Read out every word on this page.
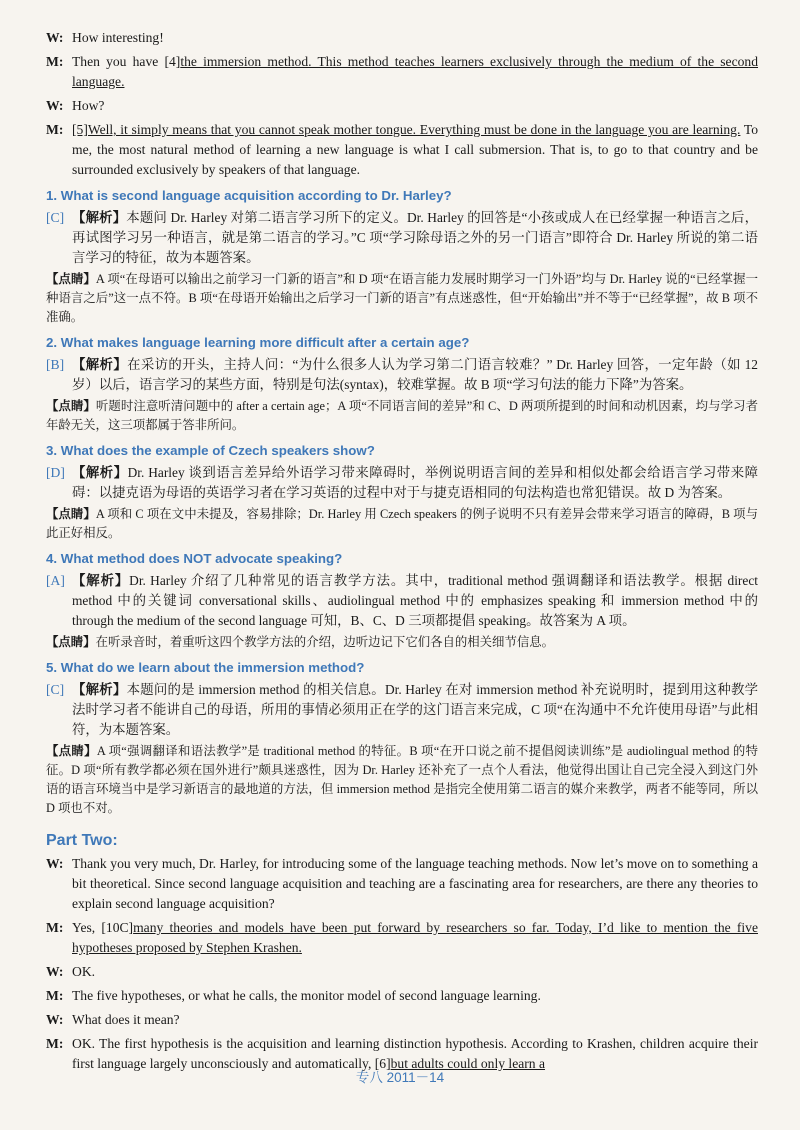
W: How interesting!
M: Then you have [4]the immersion method. This method teaches learners exclusively through the medium of the second language.
W: How?
M: [5]Well, it simply means that you cannot speak mother tongue. Everything must be done in the language you are learning. To me, the most natural method of learning a new language is what I call submersion. That is, to go to that country and be surrounded exclusively by speakers of that language.
1. What is second language acquisition according to Dr. Harley?
[C] 【解析】本题问 Dr. Harley 对第二语言学习所下的定义。Dr. Harley 的回答是“小孩或成人在已经掌握一种语言之后，再试图学习另一种语言，就是第二语言的学习。”C 项“学习除母语之外的另一门语言”即符合 Dr. Harley 所说的第二语言学习的特征，故为本题答案。
【点睛】A 项“在母语可以输出之前学习一门新的语言”和 D 项“在语言能力发展时期学习一门外语”均与 Dr. Harley 说的“已经掌握一种语言之后”这一点不符。B 项“在母语开始输出之后学习一门新的语言”有点迷惑性，但“开始输出”并不等于“已经掌握”，故 B 项不准确。
2. What makes language learning more difficult after a certain age?
[B] 【解析】在采访的开头，主持人问：“为什么很多人认为学习第二门语言较难？” Dr. Harley 回答，一定年龄（如 12 岁）以后，语言学习的某些方面，特别是句法(syntax)，较难掌握。故 B 项“学习句法的能力下降”为答案。
【点睛】听题时注意听清问题中的 after a certain age；A 项“不同语言间的差异”和 C、D 两项所提到的时间和动机因素，均与学习者年龄无关，这三项都属于答非所问。
3. What does the example of Czech speakers show?
[D] 【解析】Dr. Harley 谈到语言差异给外语学习带来障碍时，举例说明语言间的差异和相似处都会给语言学习带来障碍：以捷克语为母语的英语学习者在学习英语的过程中对于与捷克语相同的句法构造也常犯错误。故 D 为答案。
【点睛】A 项和 C 项在文中未提及，容易排除；Dr. Harley 用 Czech speakers 的例子说明不只有差异会带来学习语言的障碍，B 项与此正好相反。
4. What method does NOT advocate speaking?
[A] 【解析】Dr. Harley 介绍了几种常见的语言教学方法。其中，traditional method 强调翻译和语法教学。根据 direct method 中的关键词 conversational skills、audiolingual method 中的 emphasizes speaking 和 immersion method 中的 through the medium of the second language 可知，B、C、D 三项都提倡 speaking。故答案为 A 项。
【点睛】在听录音时，着重听这四个教学方法的介绍，边听边记下它们各自的相关细节信息。
5. What do we learn about the immersion method?
[C] 【解析】本题问的是 immersion method 的相关信息。Dr. Harley 在对 immersion method 补充说明时，提到用这种教学法时学习者不能讲自己的母语，所用的事情必须用正在学的这门语言来完成，C 项“在沟通中不允许使用母语”与此相符，为本题答案。
【点睛】A 项“强调翻译和语法教学”是 traditional method 的特征。B 项“在开口说之前不提倡阅读训练”是 audiolingual method 的特征。D 项“所有教学都必须在国外进行”颇具迷惑性，因为 Dr. Harley 还补充了一点个人看法，他觉得出国让自己完全浸入到这门外语的语言环境当中是学习新语言的最地道的方法，但 immersion method 是指完全使用第二语言的媒介来教学，两者不能等同，所以 D 项也不对。
Part Two:
W: Thank you very much, Dr. Harley, for introducing some of the language teaching methods. Now let’s move on to something a bit theoretical. Since second language acquisition and teaching are a fascinating area for researchers, are there any theories to explain second language acquisition?
M: Yes, [10C]many theories and models have been put forward by researchers so far. Today, I’d like to mention the five hypotheses proposed by Stephen Krashen.
W: OK.
M: The five hypotheses, or what he calls, the monitor model of second language learning.
W: What does it mean?
M: OK. The first hypothesis is the acquisition and learning distinction hypothesis. According to Krashen, children acquire their first language largely unconsciously and automatically, [6]but adults could only learn a
专八 2011－14
